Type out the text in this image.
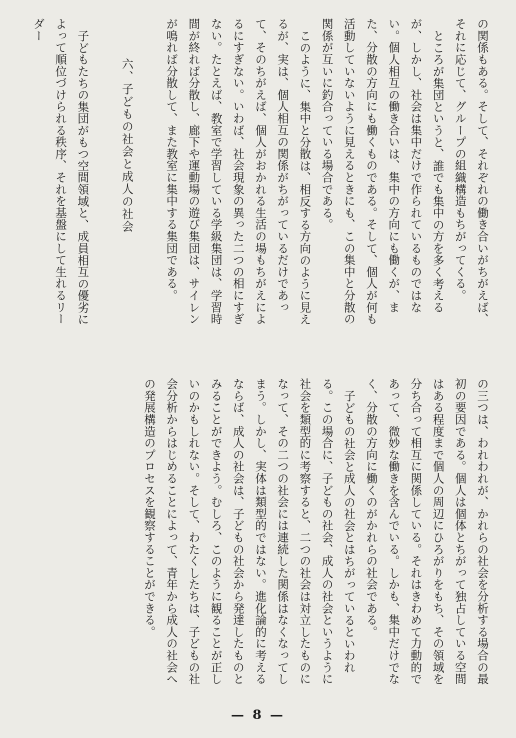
の関係もある。そして、それぞれの働き合いがちがえば、それに応じて、グループの組織構造もちがってくる。

ところが集団というと、誰でも集中の方を多く考えるが、しかし、社会は集中だけで作られているものではない。個人相互の働き合いは、集中の方向にも働くが、また、分散の方向にも働くものである。そして、個人が何も活動していないように見えるときにも、この集中と分散の関係が互いに釣合っている場合である。

このように、集中と分散は、相反する方向のように見えるが、実は、個人相互の関係がちがっているだけであって、そのちがえば、個人がおかれる生活の場もちがえによるにすぎない。いわば、社会現象の異った二つの相にすぎない。たとえば、教室で学習している学級集団は、学習時間が終れば分散し、廊下や運動場の遊び集団は、サイレンが鳴れば分散して、また教室に集中する集団である。

六、子どもの社会と成人の社会

子どもたちの集団がもつ空間領域と、成員相互の優劣によって順位づけられる秩序、それを基盤にして生れるリーダー

の三つは、われわれが、かれらの社会を分析する場合の最初の要因である。個人は個体とちがって独占している空間はある程度まで個人の周辺にひろがりをもち、その領域を分ち合って相互に関係している。それはきわめて力動的であって、微妙な働きを含んでいる。しかも、集中だけでなく、分散の方向に働くのがかれらの社会である。

子どもの社会と成人の社会とはちがっているといわれる。この場合に、子どもの社会、成人の社会というように社会を類型的に考察すると、二つの社会は対立したものになって、その二つの社会には連続した関係はなくなってしまう。しかし、実体は類型的ではない。進化論的に考えるならば、成人の社会は、子どもの社会から発達したものとみることができよう。むしろ、このように観ることが正しいのかもしれない。そして、わたくしたちは、子どもの社会分析からはじめることによって、青年から成人の社会への発展構造のプロセスを観察することができる。

— 8 —
